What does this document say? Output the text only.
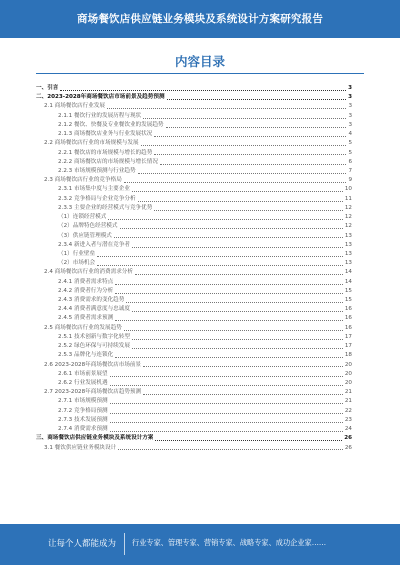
商场餐饮店供应链业务模块及系统设计方案研究报告
内容目录
一、引言	3
二、2023-2028年商场餐饮店市场前景及趋势预测	3
2.1 商场餐饮店行业发展	3
2.1.1 餐饮行业的发展历程与现状	3
2.1.2 餐饮、快餐及专业餐饮业的发展趋势	3
2.1.3 商场餐饮店业务与行业发展状况	4
2.2 商场餐饮店行业的市场规模与发展	5
2.2.1 餐饮店的市场规模与增长的趋势	5
2.2.2 商场餐饮店的市场规模与增长情况	6
2.2.3 市场规模预测与行业趋势	7
2.3 商场餐饮店行业的竞争格局	9
2.3.1 市场集中度与主要企业	10
2.3.2 竞争格局与企业竞争分析	11
2.3.3 主要企业的经营模式与竞争优势	12
（1）连锁经营模式	12
（2）品牌特色经营模式	12
（3）供应链管理模式	13
2.3.4 新进入者与潜在竞争者	13
（1）行业壁垒	13
（2）市场机会	13
2.4 商场餐饮店行业的消费需求分析	14
2.4.1 消费者需求特点	14
2.4.2 消费者行为分析	15
2.4.3 消费需求的变化趋势	15
2.4.4 消费者满意度与忠诚度	16
2.4.5 消费者需求预测	16
2.5 商场餐饮店行业的发展趋势	16
2.5.1 技术创新与数字化转型	17
2.5.2 绿色环保与可持续发展	17
2.5.3 品牌化与连锁化	18
2.6 2023-2028年商场餐饮店市场前景	20
2.6.1 市场前景展望	20
2.6.2 行业发展机遇	20
2.7 2023-2028年商场餐饮店趋势预测	21
2.7.1 市场规模预测	21
2.7.2 竞争格局预测	22
2.7.3 技术发展预测	23
2.7.4 消费需求预测	24
三、商场餐饮店供应链业务模块及系统设计方案	26
3.1 餐饮供应链业务模块设计	26
让每个人都能成为 行业专家、管理专家、营销专家、战略专家、成功企业家……
